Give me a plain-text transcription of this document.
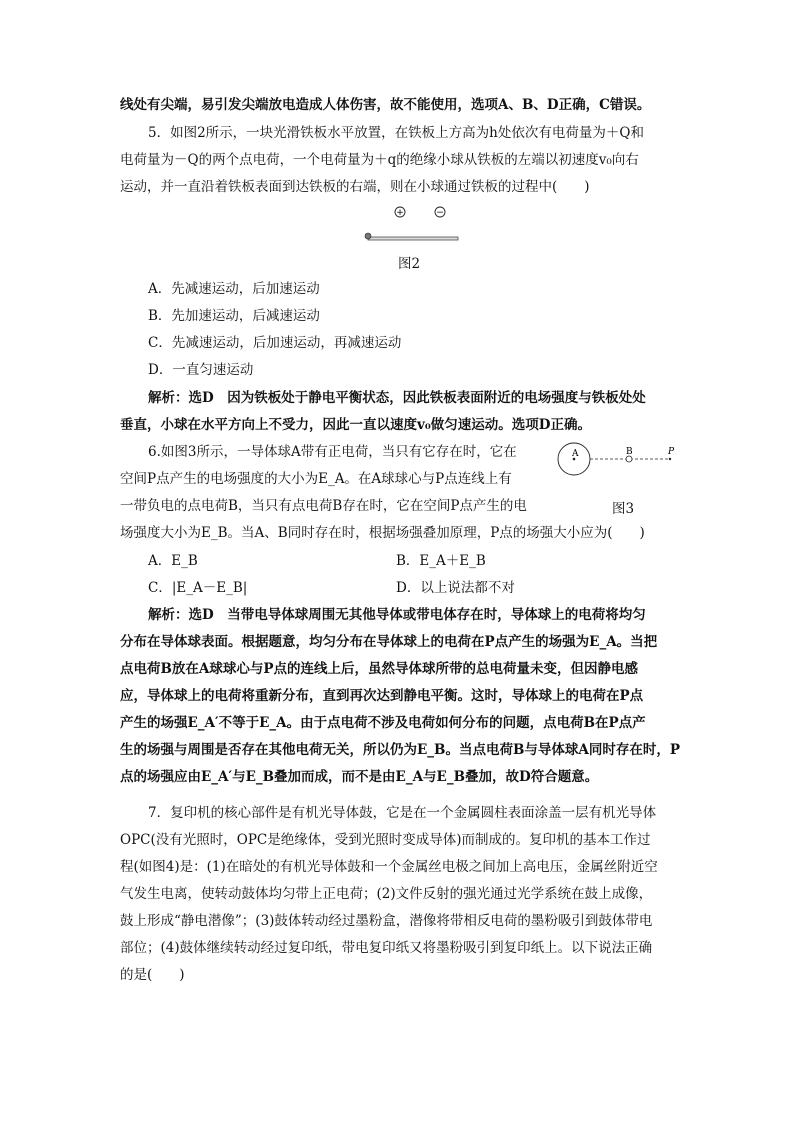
线处有尖端，易引发尖端放电造成人体伤害，故不能使用，选项A、B、D正确，C错误。
5．如图2所示，一块光滑铁板水平放置，在铁板上方高为h处依次有电荷量为＋Q和
电荷量为－Q的两个点电荷，一个电荷量为＋q的绝缘小球从铁板的左端以初速度v₀向右
运动，并一直沿着铁板表面到达铁板的右端，则在小球通过铁板的过程中(　　)
+	−
图2
A．先减速运动，后加速运动
B．先加速运动，后减速运动
C．先减速运动，后加速运动，再减速运动
D．一直匀速运动
解析：选D　因为铁板处于静电平衡状态，因此铁板表面附近的电场强度与铁板处处
垂直，小球在水平方向上不受力，因此一直以速度v₀做匀速运动。选项D正确。
6.如图3所示，一导体球A带有正电荷，当只有它存在时，它在
空间P点产生的电场强度的大小为E_A。在A球球心与P点连线上有
一带负电的点电荷B，当只有点电荷B存在时，它在空间P点产生的电
场强度大小为E_B。当A、B同时存在时，根据场强叠加原理，P点的场强大小应为(　　)
A	B	P
图3
A．E_B	B．E_A＋E_B
C．|E_A－E_B|	D．以上说法都不对
解析：选D　当带电导体球周围无其他导体或带电体存在时，导体球上的电荷将均匀
分布在导体球表面。根据题意，均匀分布在导体球上的电荷在P点产生的场强为E_A。当把
点电荷B放在A球球心与P点的连线上后，虽然导体球所带的总电荷量未变，但因静电感
应，导体球上的电荷将重新分布，直到再次达到静电平衡。这时，导体球上的电荷在P点
产生的场强E_A′不等于E_A。由于点电荷不涉及电荷如何分布的问题，点电荷B在P点产
生的场强与周围是否存在其他电荷无关，所以仍为E_B。当点电荷B与导体球A同时存在时，P
点的场强应由E_A′与E_B叠加而成，而不是由E_A与E_B叠加，故D符合题意。
7．复印机的核心部件是有机光导体鼓，它是在一个金属圆柱表面涂盖一层有机光导体
OPC(没有光照时，OPC是绝缘体，受到光照时变成导体)而制成的。复印机的基本工作过
程(如图4)是：(1)在暗处的有机光导体鼓和一个金属丝电极之间加上高电压，金属丝附近空
气发生电离，使转动鼓体均匀带上正电荷；(2)文件反射的强光通过光学系统在鼓上成像，
鼓上形成“静电潜像”；(3)鼓体转动经过墨粉盒，潜像将带相反电荷的墨粉吸引到鼓体带电
部位；(4)鼓体继续转动经过复印纸，带电复印纸又将墨粉吸引到复印纸上。以下说法正确
的是(　　)
